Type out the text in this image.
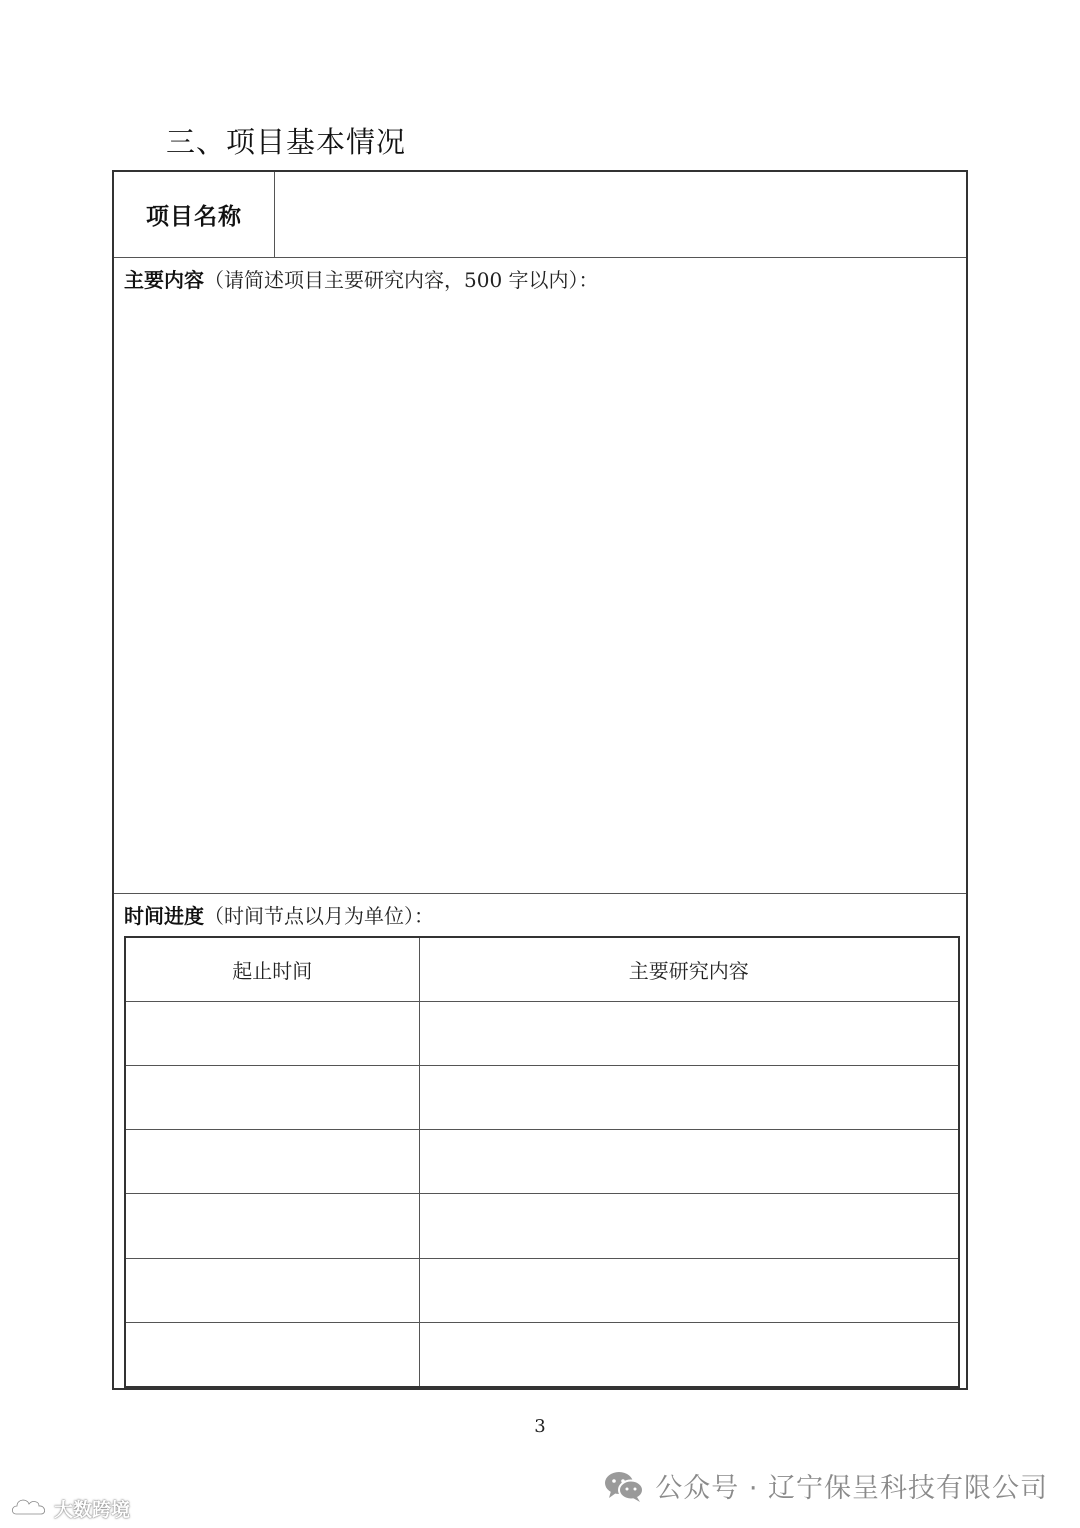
三、项目基本情况
项目名称
主要内容（请简述项目主要研究内容，500 字以内）：
时间进度（时间节点以月为单位）：
起止时间	主要研究内容

3
大数跨境
公众号 · 辽宁保呈科技有限公司
